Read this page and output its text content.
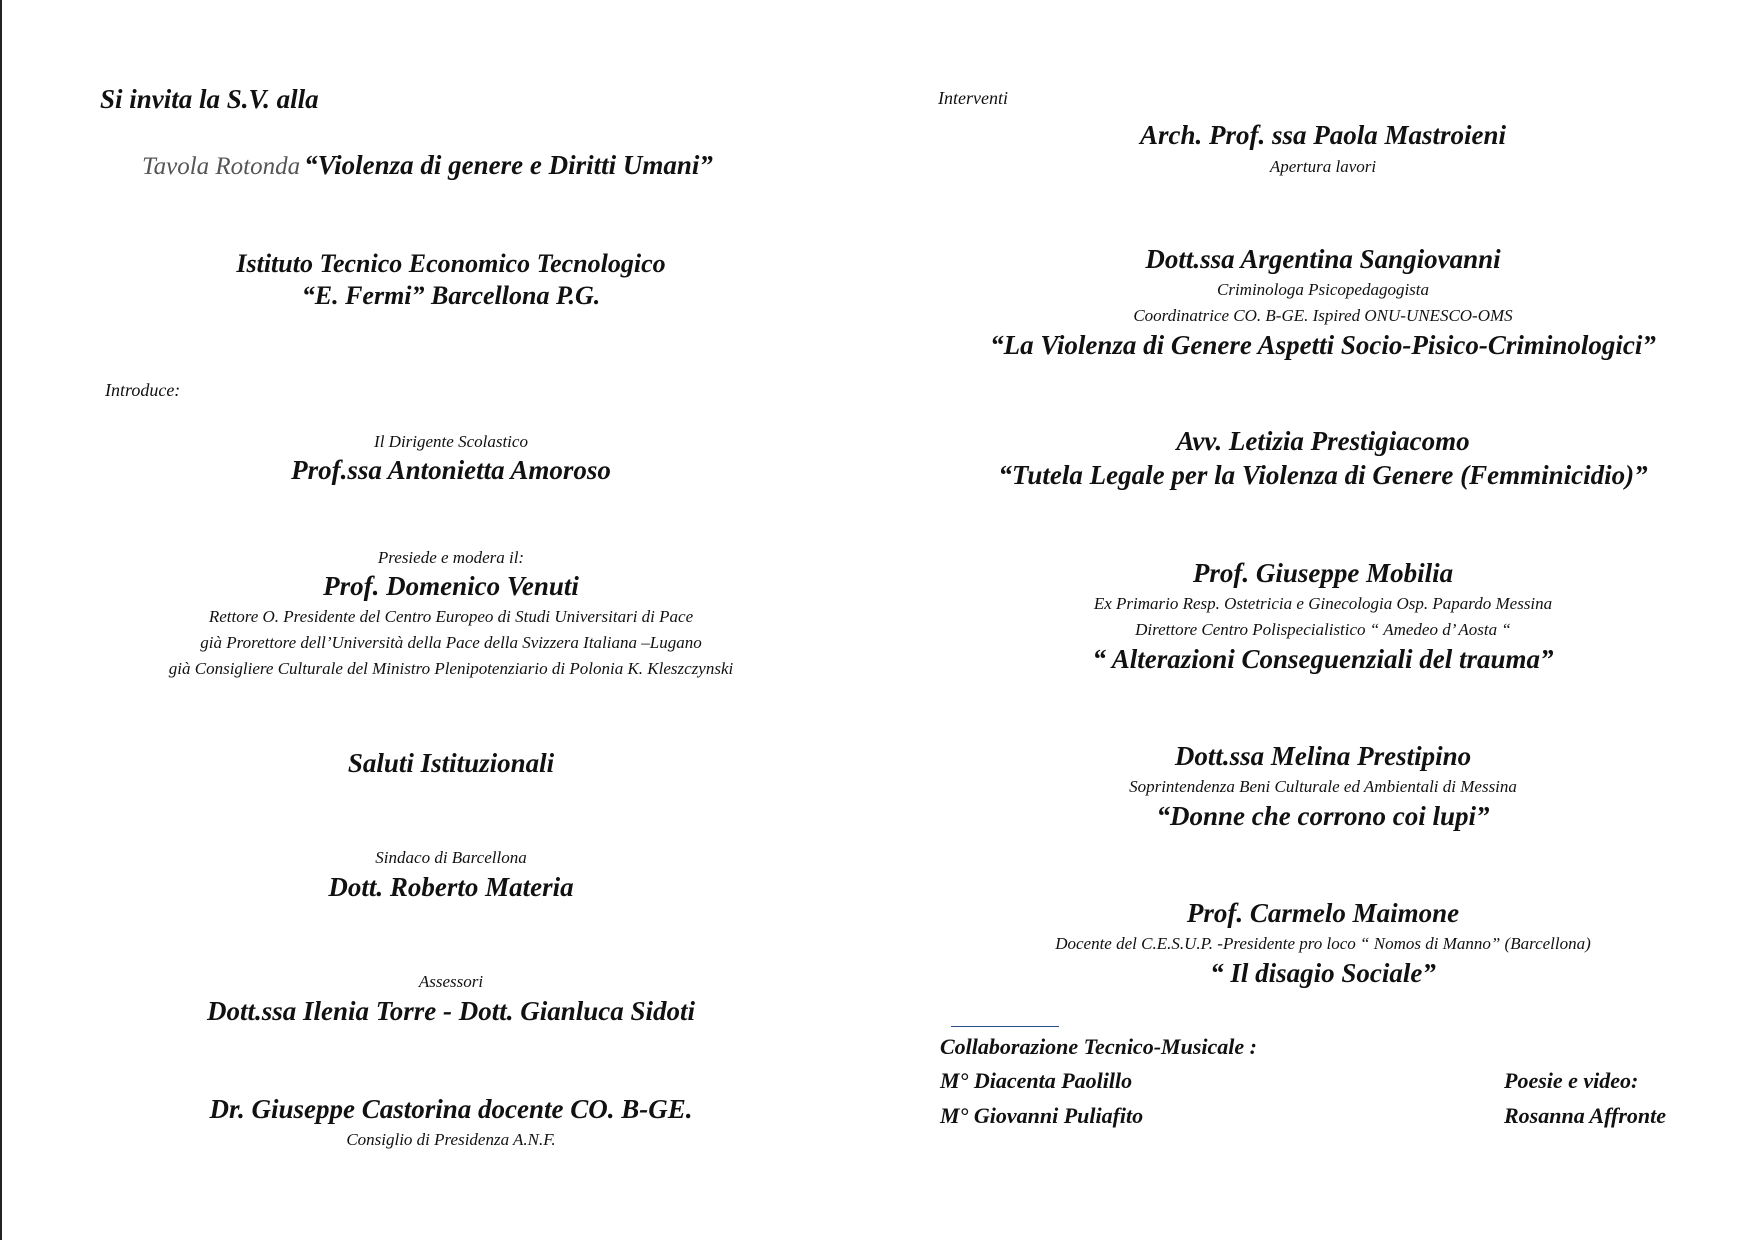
Si invita la S.V. alla
Tavola Rotonda “Violenza di genere e Diritti Umani”
Istituto Tecnico Economico Tecnologico
“E. Fermi” Barcellona P.G.
Introduce:
Il Dirigente Scolastico
Prof.ssa Antonietta Amoroso
Presiede e modera il:
Prof. Domenico Venuti
Rettore O. Presidente del Centro Europeo di Studi Universitari di Pace
già Prorettore dell’Università della Pace della Svizzera Italiana –Lugano
già Consigliere Culturale del Ministro Plenipotenziario di Polonia K. Kleszczynski
Saluti Istituzionali
Sindaco di Barcellona
Dott. Roberto Materia
Assessori
Dott.ssa Ilenia Torre - Dott. Gianluca Sidoti
Dr. Giuseppe Castorina docente CO. B-GE.
Consiglio di Presidenza A.N.F.
Interventi
Arch. Prof. ssa Paola Mastroieni
Apertura lavori
Dott.ssa Argentina Sangiovanni
Criminologa Psicopedagogista
Coordinatrice CO. B-GE. Ispired ONU-UNESCO-OMS
“La Violenza di Genere Aspetti Socio-Pisico-Criminologici”
Avv. Letizia Prestigiacomo
“Tutela Legale per la Violenza di Genere (Femminicidio)”
Prof. Giuseppe Mobilia
Ex Primario Resp. Ostetricia e Ginecologia Osp. Papardo Messina
Direttore Centro Polispecialistico “ Amedeo d’ Aosta “
“ Alterazioni Conseguenziali del trauma”
Dott.ssa Melina Prestipino
Soprintendenza Beni Culturale ed Ambientali di Messina
“Donne che corrono coi lupi”
Prof. Carmelo Maimone
Docente del C.E.S.U.P. -Presidente pro loco “ Nomos di Manno” (Barcellona)
“ Il disagio Sociale”
Collaborazione Tecnico-Musicale :
M° Diacenta Paolillo
M° Giovanni Puliafito
Poesie e video:
Rosanna Affronte
